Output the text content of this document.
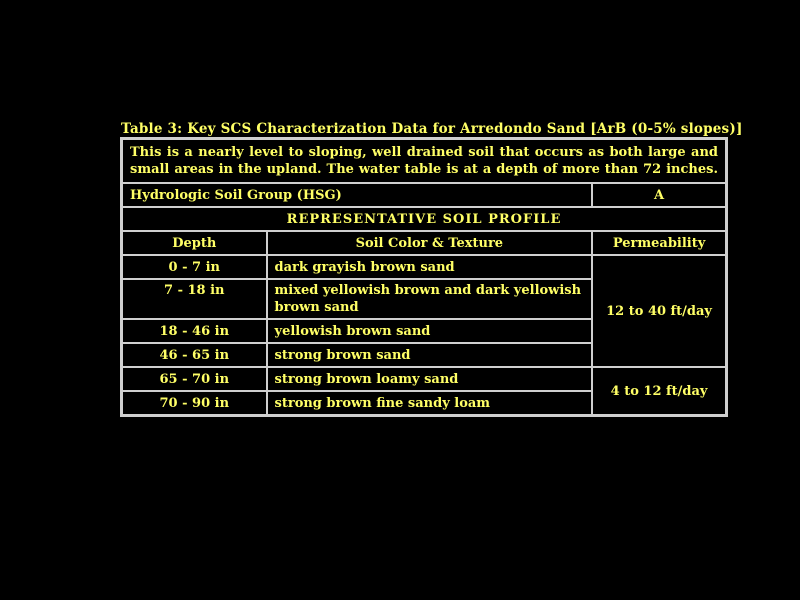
Table 3: Key SCS Characterization Data for Arredondo Sand [ArB (0-5% slopes)]
This is a nearly level to sloping, well drained soil that occurs as both large and small areas in the upland. The water table is at a depth of more than 72 inches.		
Hydrologic Soil Group (HSG)		A
REPRESENTATIVE SOIL PROFILE		
Depth	Soil Color & Texture	Permeability
0 - 7 in	dark grayish brown sand	12 to 40 ft/day
7 - 18 in	mixed yellowish brown and dark yellowish brown sand	
18 - 46 in	yellowish brown sand	
46 - 65 in	strong brown sand	
65 - 70 in	strong brown loamy sand	4 to 12 ft/day
70 - 90 in	strong brown fine sandy loam	
